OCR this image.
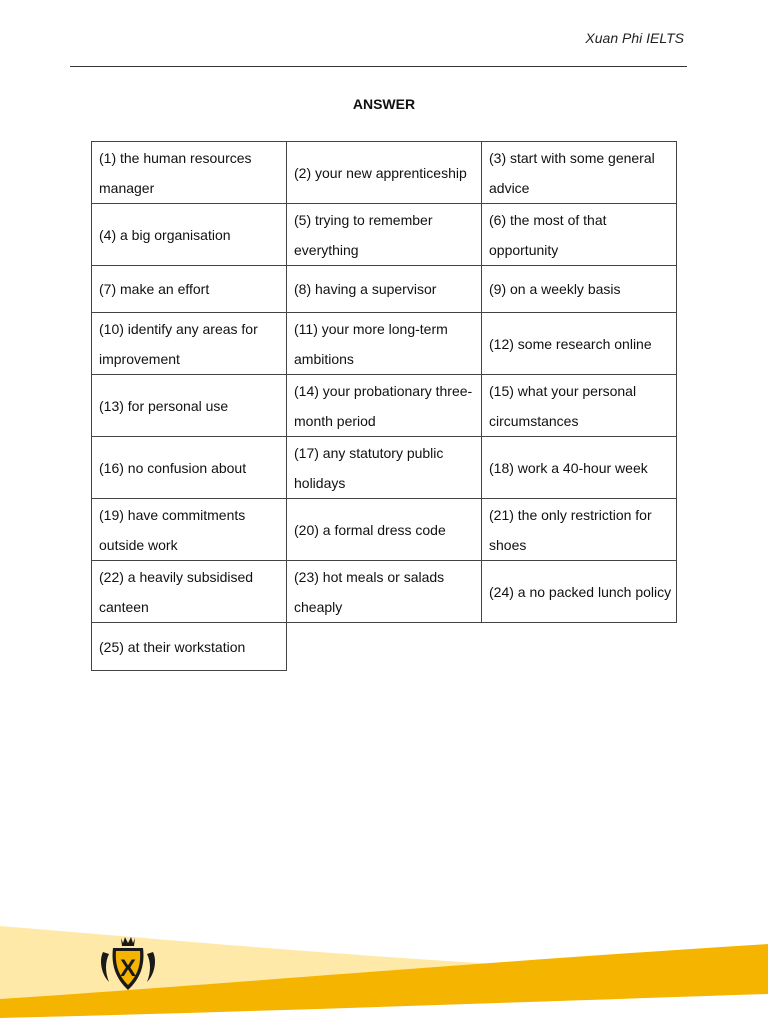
Xuan Phi IELTS
ANSWER
(1) the human resources manager	(2) your new apprenticeship	(3) start with some general advice
(4) a big organisation	(5) trying to remember everything	(6) the most of that opportunity
(7) make an effort	(8) having a supervisor	(9) on a weekly basis
(10) identify any areas for improvement	(11) your more long-term ambitions	(12) some research online
(13) for personal use	(14) your probationary three-month period	(15) what your personal circumstances
(16) no confusion about	(17) any statutory public holidays	(18) work a 40-hour week
(19) have commitments outside work	(20) a formal dress code	(21) the only restriction for shoes
(22) a heavily subsidised canteen	(23) hot meals or salads cheaply	(24) a no packed lunch policy
(25) at their workstation		
X
